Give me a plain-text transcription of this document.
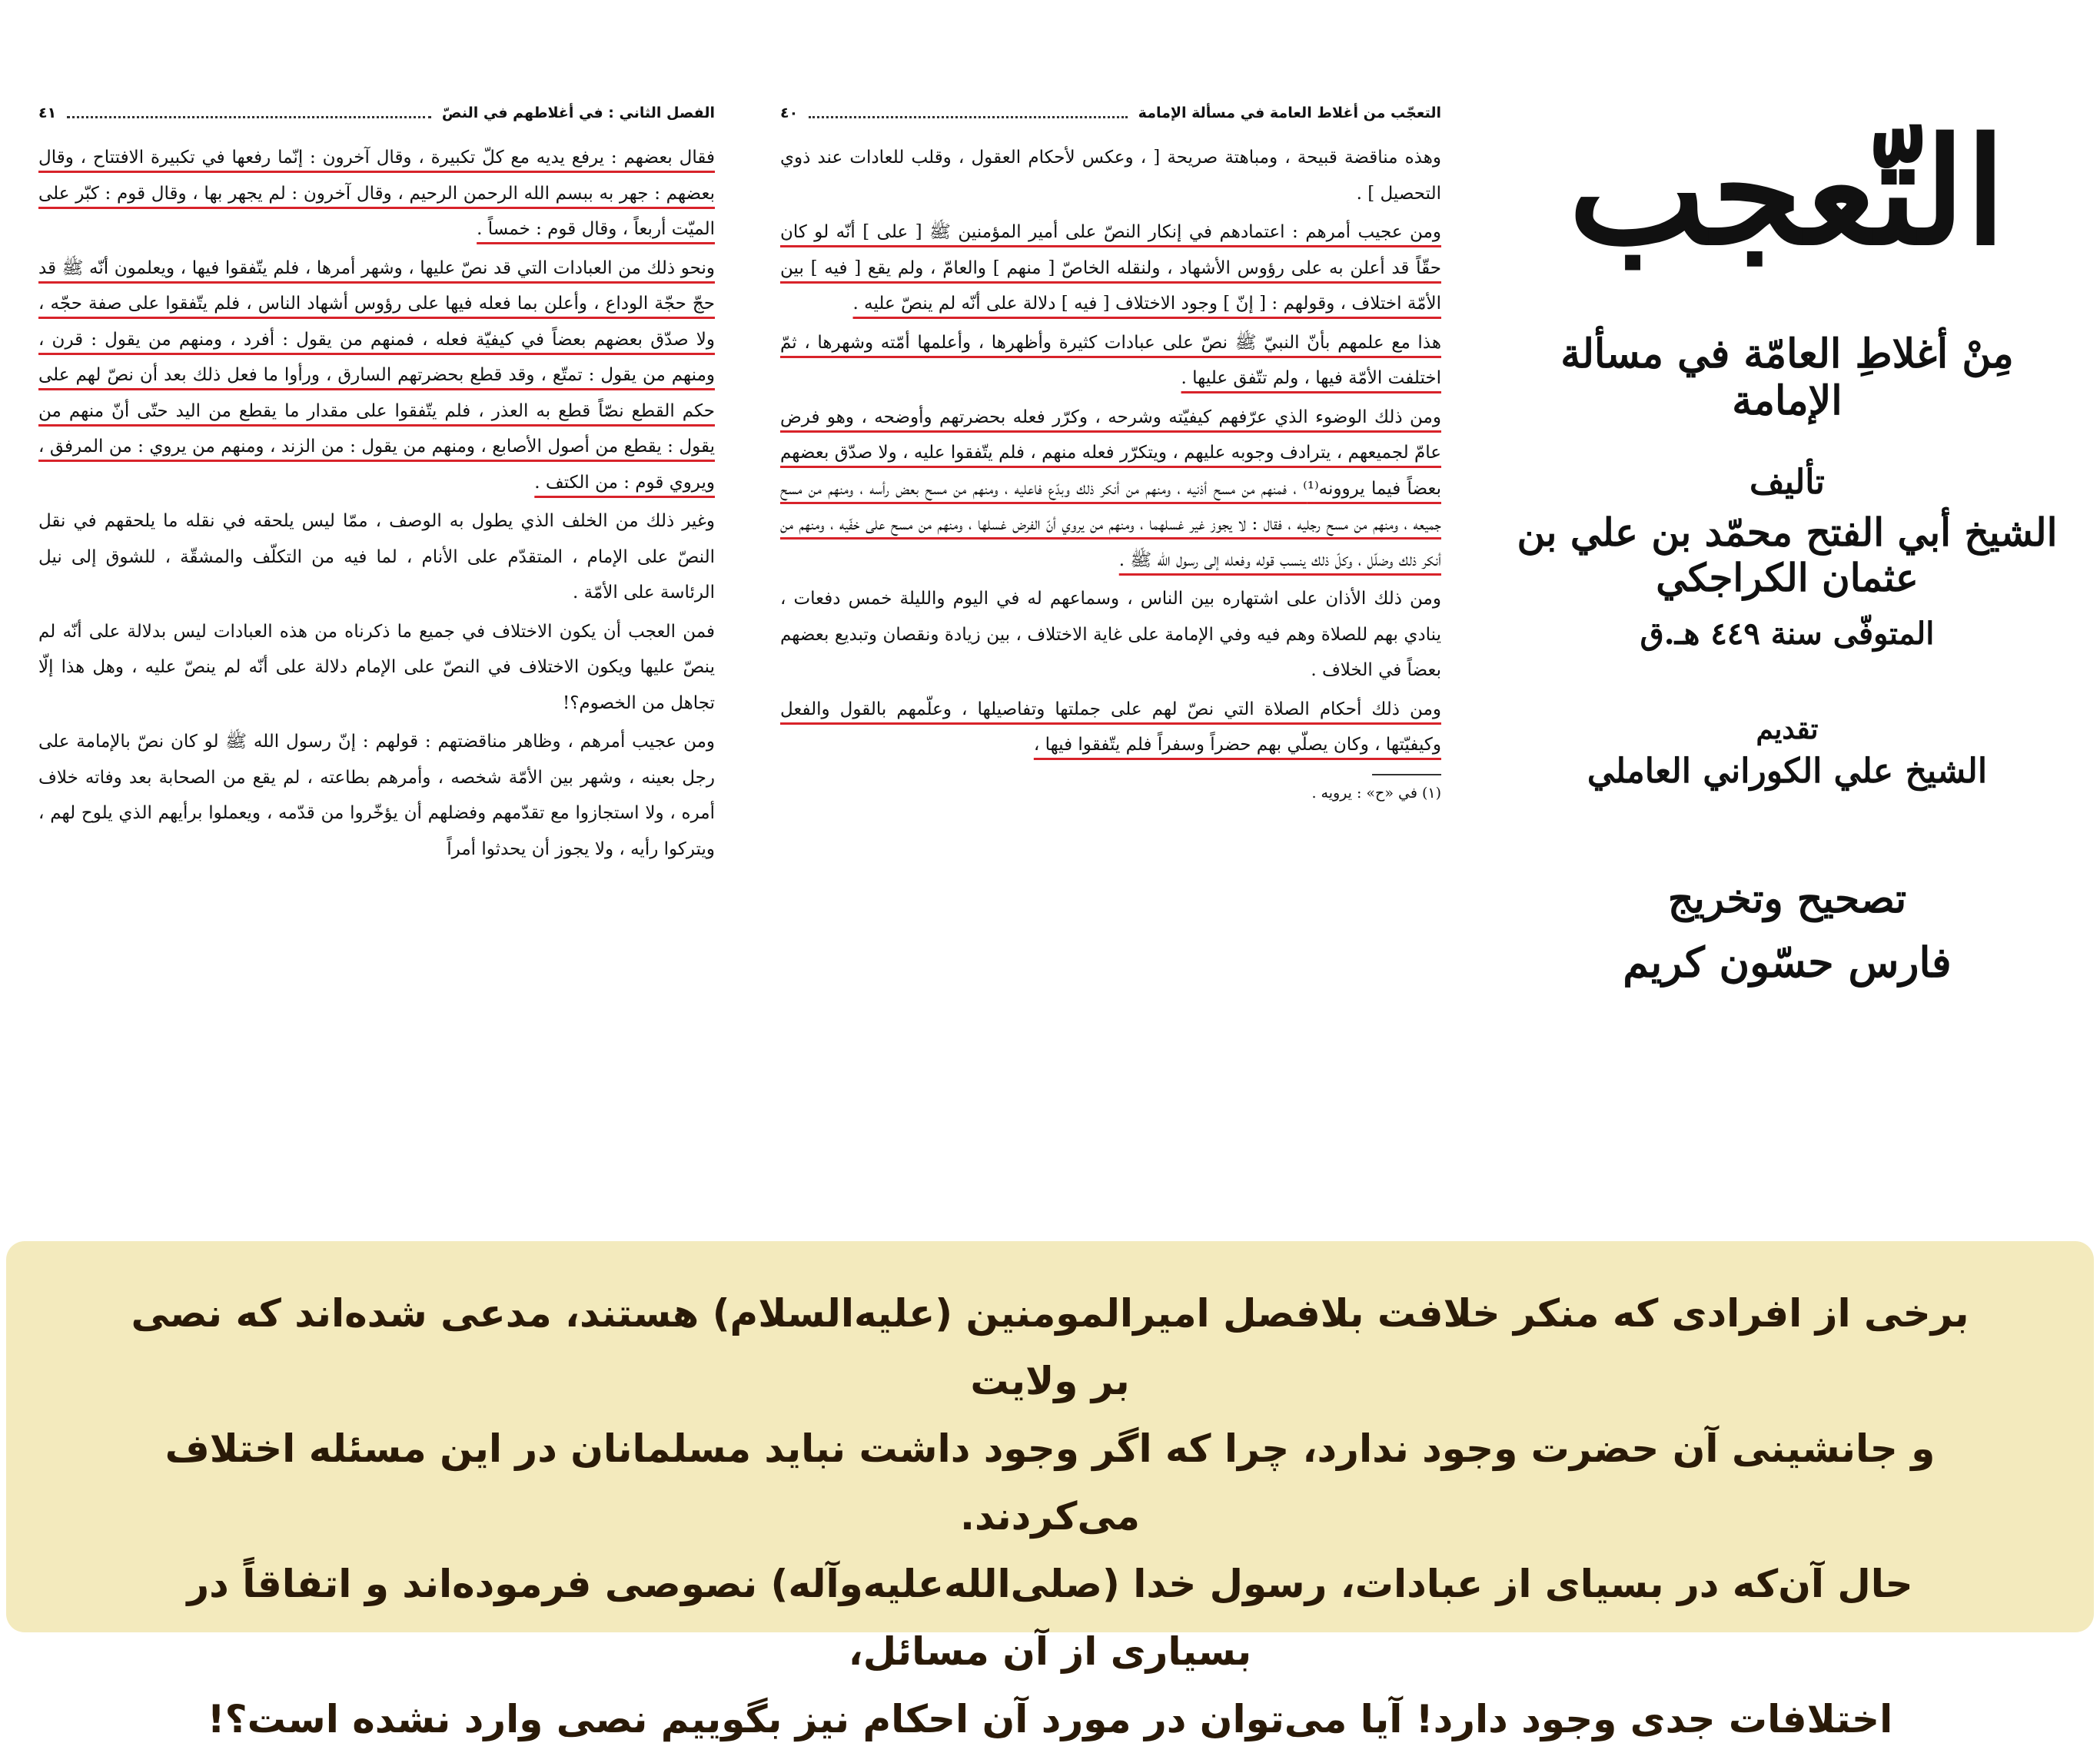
الفصل الثاني : في أغلاطهم في النصّ
٤١

فقال بعضهم : يرفع يديه مع كلّ تكبيرة ، وقال آخرون : إنّما رفعها في تكبيرة الافتتاح ، وقال بعضهم : جهر به ببسم الله الرحمن الرحيم ، وقال آخرون : لم يجهر بها ، وقال قوم : كبّر على الميّت أربعاً ، وقال قوم : خمساً .

ونحو ذلك من العبادات التي قد نصّ عليها ، وشهر أمرها ، فلم يتّفقوا فيها ، ويعلمون أنّه ﷺ قد حجّ حجّة الوداع ، وأعلن بما فعله فيها على رؤوس أشهاد الناس ، فلم يتّفقوا على صفة حجّه ، ولا صدّق بعضهم بعضاً في كيفيّة فعله ، فمنهم من يقول : أفرد ، ومنهم من يقول : قرن ، ومنهم من يقول : تمتّع ، وقد قطع بحضرتهم السارق ، ورأوا ما فعل ذلك بعد أن نصّ لهم على حكم القطع نصّاً قطع به العذر ، فلم يتّفقوا على مقدار ما يقطع من اليد حتّى أنّ منهم من يقول : يقطع من أصول الأصابع ، ومنهم من يقول : من الزند ، ومنهم من يروي : من المرفق ، ويروي قوم : من الكتف .

وغير ذلك من الخلف الذي يطول به الوصف ، ممّا ليس يلحقه في نقله ما يلحقهم في نقل النصّ على الإمام ، المتقدّم على الأنام ، لما فيه من التكلّف والمشقّة ، للشوق إلى نيل الرئاسة على الأمّة .

فمن العجب أن يكون الاختلاف في جميع ما ذكرناه من هذه العبادات ليس بدلالة على أنّه لم ينصّ عليها ويكون الاختلاف في النصّ على الإمام دلالة على أنّه لم ينصّ عليه ، وهل هذا إلّا تجاهل من الخصوم؟!

ومن عجيب أمرهم ، وظاهر مناقضتهم : قولهم : إنّ رسول الله ﷺ لو كان نصّ بالإمامة على رجل بعينه ، وشهر بين الأمّة شخصه ، وأمرهم بطاعته ، لم يقع من الصحابة بعد وفاته خلاف أمره ، ولا استجازوا مع تقدّمهم وفضلهم أن يؤخّروا من قدّمه ، ويعملوا برأيهم الذي يلوح لهم ، ويتركوا رأيه ، ولا يجوز أن يحدثوا أمراً

التعجّب من أغلاط العامة في مسألة الإمامة
٤٠

وهذه مناقضة قبيحة ، ومباهتة صريحة [ ، وعكس لأحكام العقول ، وقلب للعادات عند ذوي التحصيل ] .

ومن عجيب أمرهم : اعتمادهم في إنكار النصّ على أمير المؤمنين ﷺ [ على ] أنّه لو كان حقّاً قد أعلن به على رؤوس الأشهاد ، ولنقله الخاصّ [ منهم ] والعامّ ، ولم يقع [ فيه ] بين الأمّة اختلاف ، وقولهم : [ إنّ ] وجود الاختلاف [ فيه ] دلالة على أنّه لم ينصّ عليه .

هذا مع علمهم بأنّ النبيّ ﷺ نصّ على عبادات كثيرة وأظهرها ، وأعلمها أمّته وشهرها ، ثمّ اختلفت الأمّة فيها ، ولم تتّفق عليها .

ومن ذلك الوضوء الذي عرّفهم كيفيّته وشرحه ، وكرّر فعله بحضرتهم وأوضحه ، وهو فرض عامّ لجميعهم ، يترادف وجوبه عليهم ، ويتكرّر فعله منهم ، فلم يتّفقوا عليه ، ولا صدّق بعضهم بعضاً فيما يروونه⁽¹⁾ ، فمنهم من مسح أذنيه ، ومنهم من أنكر ذلك وبدّع فاعليه ، ومنهم من مسح بعض رأسه ، ومنهم من مسح جميعه ، ومنهم من مسح رجليه ، فقال : لا يجوز غير غسلهما ، ومنهم من يروي أنّ الفرض غسلها ، ومنهم من مسح على خفّيه ، ومنهم من أنكر ذلك وضلّل ، وكلّ ذلك ينسب قوله وفعله إلى رسول الله ﷺ .

ومن ذلك الأذان على اشتهاره بين الناس ، وسماعهم له في اليوم والليلة خمس دفعات ، ينادي بهم للصلاة وهم فيه وفي الإمامة على غاية الاختلاف ، بين زيادة ونقصان وتبديع بعضهم بعضاً في الخلاف .

ومن ذلك أحكام الصلاة التي نصّ لهم على جملتها وتفاصيلها ، وعلّمهم بالقول والفعل وكيفيّتها ، وكان يصلّي بهم حضراً وسفراً فلم يتّفقوا فيها ،

(١) في «ح» : يرويه .
التّعجب
مِنْ أغلاطِ العامّة في مسألة الإمامة
تأليف
الشيخ أبي الفتح محمّد بن علي بن عثمان الكراجكي
المتوفّى سنة ٤٤٩ هـ.ق
تقديم
الشيخ علي الكوراني العاملي
تصحيح وتخريج
فارس حسّون كريم

برخی از افرادی که منکر خلافت بلافصل امیرالمومنین (علیه‌السلام) هستند، مدعی شده‌اند که نصی بر ولایت

و جانشینی آن حضرت وجود ندارد، چرا که اگر وجود داشت نباید مسلمانان در این مسئله اختلاف می‌کردند.

حال آن‌که در بسیای از عبادات، رسول خدا (صلی‌الله‌علیه‌وآله) نصوصی فرموده‌اند و اتفاقاً در بسیاری از آن مسائل،

اختلافات جدی وجود دارد! آیا می‌توان در مورد آن احکام نیز بگوییم نصی وارد نشده است؟!
